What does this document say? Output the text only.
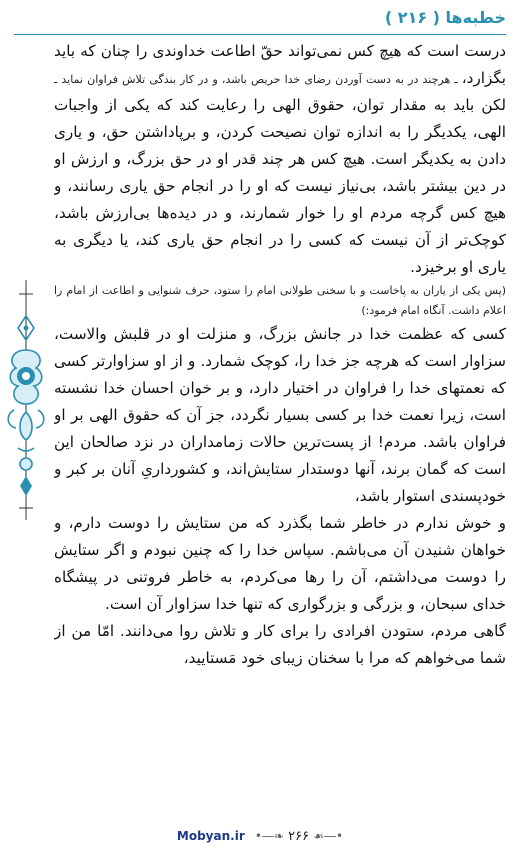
خطبه‌ها ( ۲۱۶ )

درست است که هیچ کس نمی‌تواند حقّ اطاعت خداوندی را چنان که باید بگزارد، ـ هرچند در به دست آوردن رضای خدا حریص باشد، و در کار بندگی تلاش فراوان نماید ـ لکن باید به مقدار توان، حقوق الهی را رعایت کند که یکی از واجبات الهی، یکدیگر را به اندازه توان نصیحت کردن، و برپاداشتن حق، و یاری دادن به یکدیگر است. هیچ کس هر چند قدر او در حق بزرگ، و ارزش او در دین بیشتر باشد، بی‌نیاز نیست که او را در انجام حق یاری رسانند، و هیچ کس گرچه مردم او را خوار شمارند، و در دیده‌ها بی‌ارزش باشد، کوچک‌تر از آن نیست که کسی را در انجام حق یاری کند، یا دیگری به یاری او برخیزد.

(پس یکی از یاران به پاخاست و با سخنی طولانی امام را ستود، حرف شنوایی و اطاعت از امام را اعلام داشت. آنگاه امام فرمود:)

کسی که عظمت خدا در جانش بزرگ، و منزلت او در قلبش والاست، سزاوار است که هرچه جز خدا را، کوچک شمارد. و از او سزاوارتر کسی که نعمتهای خدا را فراوان در اختیار دارد، و بر خوان احسان خدا نشسته است، زیرا نعمت خدا بر کسی بسیار نگردد، جز آن که حقوق الهی بر او فراوان باشد. مردم! از پست‌ترین حالات زمامداران در نزد صالحان این است که گمان برند، آنها دوستدار ستایش‌اند، و کشورداریِ آنان بر کبر و خودپسندی استوار باشد،

و خوش ندارم در خاطر شما بگذرد که من ستایش را دوست دارم، و خواهان شنیدن آن می‌باشم. سپاس خدا را که چنین نبودم و اگر ستایش را دوست می‌داشتم، آن را رها می‌کردم، به خاطر فروتنی در پیشگاه خدای سبحان، و بزرگی و بزرگواری که تنها خدا سزاوار آن است.

گاهی مردم، ستودن افرادی را برای کار و تلاش روا می‌دانند. امّا من از شما می‌خواهم که مرا با سخنان زیبای خود مَستایید،

Mobyan.ir •―❧ ۲۶۶ ☙―•
